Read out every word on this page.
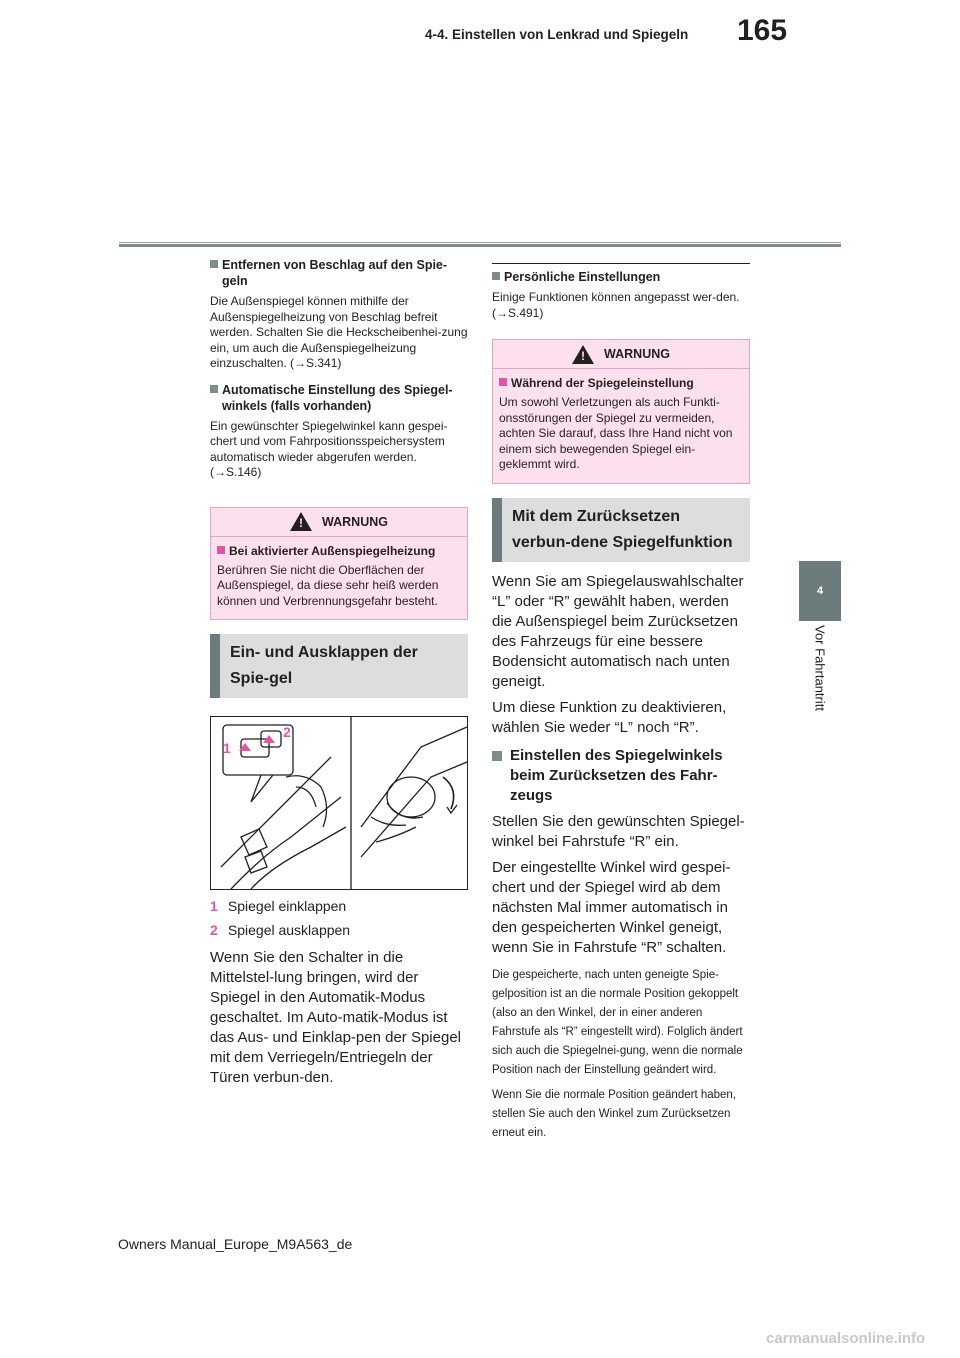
165
4-4. Einstellen von Lenkrad und Spiegeln
4
Vor Fahrtantritt
Entfernen von Beschlag auf den Spie-geln

Die Außenspiegel können mithilfe der Außenspiegelheizung von Beschlag befreit werden. Schalten Sie die Heckscheibenhei-zung ein, um auch die Außenspiegelheizung einzuschalten. (→S.341)

Automatische Einstellung des Spiegel-winkels (falls vorhanden)

Ein gewünschter Spiegelwinkel kann gespei-chert und vom Fahrpositionsspeichersystem automatisch wieder abgerufen werden. (→S.146)

! WARNUNG
Bei aktivierter Außenspiegelheizung

Berühren Sie nicht die Oberflächen der Außenspiegel, da diese sehr heiß werden können und Verbrennungsgefahr besteht.

Ein- und Ausklappen der Spie-gel
1
2
1 Spiegel einklappen
2 Spiegel ausklappen

Wenn Sie den Schalter in die Mittelstel-lung bringen, wird der Spiegel in den Automatik-Modus geschaltet. Im Auto-matik-Modus ist das Aus- und Einklap-pen der Spiegel mit dem Verriegeln/Entriegeln der Türen verbun-den.

Persönliche Einstellungen

Einige Funktionen können angepasst wer-den. (→S.491)

! WARNUNG
Während der Spiegeleinstellung

Um sowohl Verletzungen als auch Funkti-onsstörungen der Spiegel zu vermeiden, achten Sie darauf, dass Ihre Hand nicht von einem sich bewegenden Spiegel ein-geklemmt wird.

Mit dem Zurücksetzen verbun-dene Spiegelfunktion

Wenn Sie am Spiegelauswahlschalter “L” oder “R” gewählt haben, werden die Außenspiegel beim Zurücksetzen des Fahrzeugs für eine bessere Bodensicht automatisch nach unten geneigt.

Um diese Funktion zu deaktivieren, wählen Sie weder “L” noch “R”.

Einstellen des Spiegelwinkels beim Zurücksetzen des Fahr-zeugs

Stellen Sie den gewünschten Spiegel-winkel bei Fahrstufe “R” ein.

Der eingestellte Winkel wird gespei-chert und der Spiegel wird ab dem nächsten Mal immer automatisch in den gespeicherten Winkel geneigt, wenn Sie in Fahrstufe “R” schalten.

Die gespeicherte, nach unten geneigte Spie-gelposition ist an die normale Position gekoppelt (also an den Winkel, der in einer anderen Fahrstufe als “R” eingestellt wird). Folglich ändert sich auch die Spiegelnei-gung, wenn die normale Position nach der Einstellung geändert wird.

Wenn Sie die normale Position geändert haben, stellen Sie auch den Winkel zum Zurücksetzen erneut ein.

Owners Manual_Europe_M9A563_de
carmanualsonline.info
